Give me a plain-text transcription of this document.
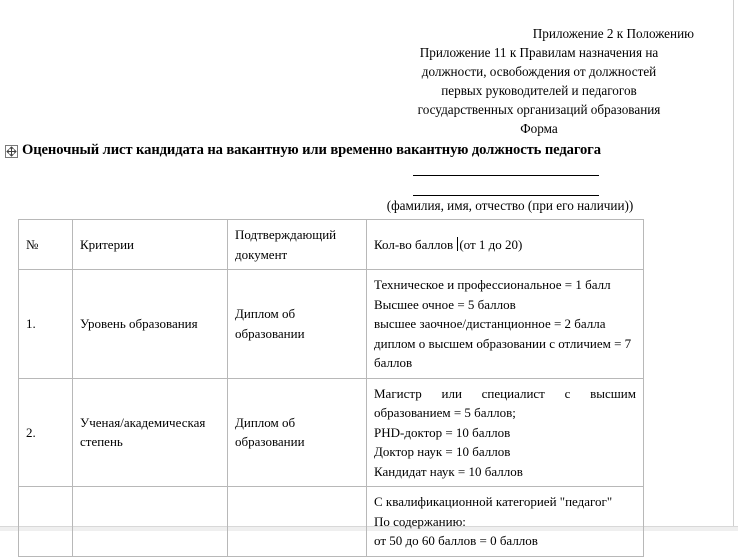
Приложение 2 к Положению
Приложение 11 к Правилам назначения на
должности, освобождения от должностей
первых руководителей и педагогов
государственных организаций образования
Форма
Оценочный лист кандидата на вакантную или временно вакантную должность педагога
(фамилия, имя, отчество (при его наличии))
№	Критерии	Подтверждающий документ	Кол-во баллов (от 1 до 20)
1.	Уровень образования	Диплом об образовании	Техническое и профессиональное = 1 балл
Высшее очное = 5 баллов
высшее заочное/дистанционное = 2 балла
диплом о высшем образовании с отличием = 7 баллов

2.	Ученая/академическая степень	Диплом об образовании	Магистр или специалист с высшим образованием = 5 баллов;
PHD-доктор = 10 баллов
Доктор наук = 10 баллов
Кандидат наук = 10 баллов

			С квалификационной категорией "педагог"
По содержанию:
от 50 до 60 баллов = 0 баллов
